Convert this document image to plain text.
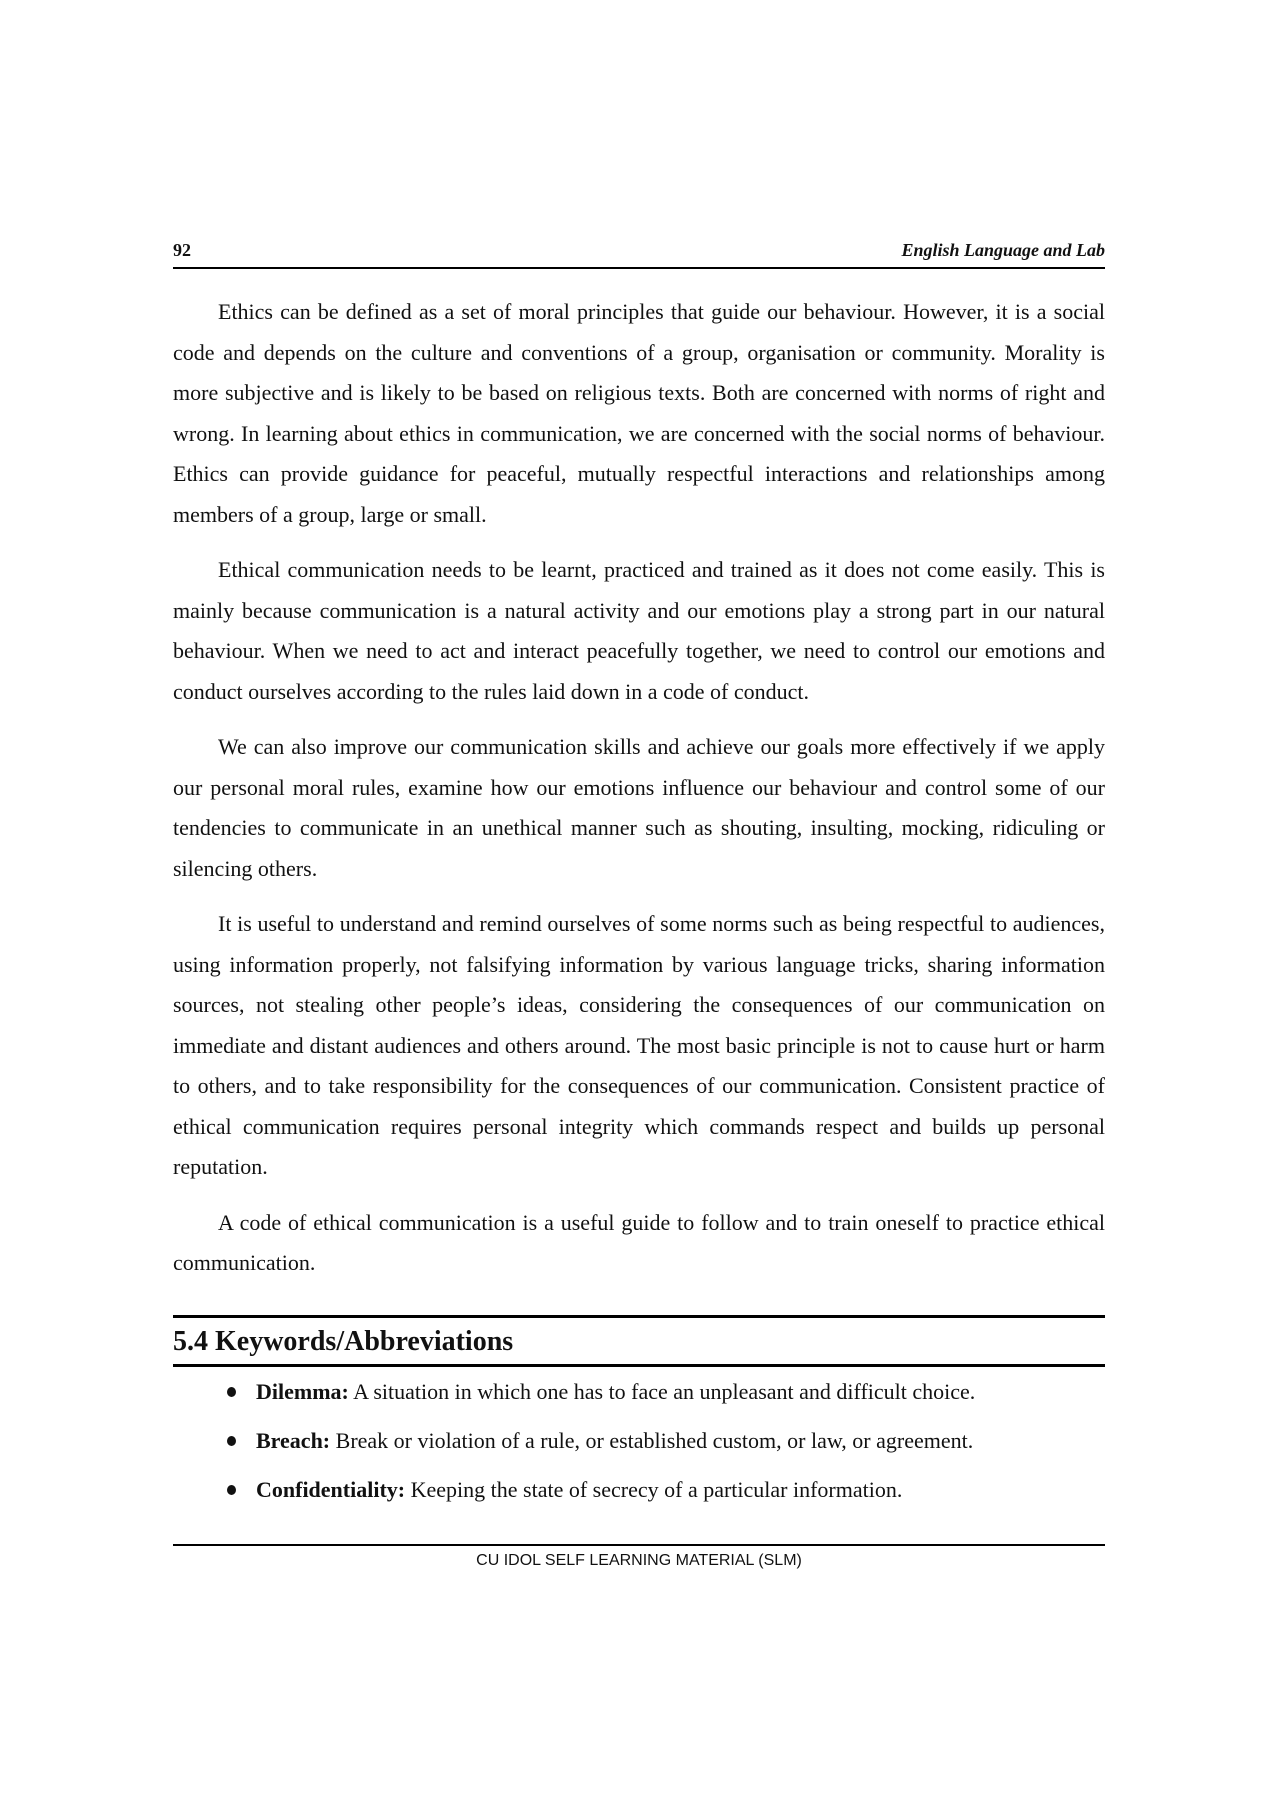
92	English Language and Lab

Ethics can be defined as a set of moral principles that guide our behaviour. However, it is a social code and depends on the culture and conventions of a group, organisation or community. Morality is more subjective and is likely to be based on religious texts. Both are concerned with norms of right and wrong. In learning about ethics in communication, we are concerned with the social norms of behaviour. Ethics can provide guidance for peaceful, mutually respectful interactions and relationships among members of a group, large or small.

Ethical communication needs to be learnt, practiced and trained as it does not come easily. This is mainly because communication is a natural activity and our emotions play a strong part in our natural behaviour. When we need to act and interact peacefully together, we need to control our emotions and conduct ourselves according to the rules laid down in a code of conduct.

We can also improve our communication skills and achieve our goals more effectively if we apply our personal moral rules, examine how our emotions influence our behaviour and control some of our tendencies to communicate in an unethical manner such as shouting, insulting, mocking, ridiculing or silencing others.

It is useful to understand and remind ourselves of some norms such as being respectful to audiences, using information properly, not falsifying information by various language tricks, sharing information sources, not stealing other people’s ideas, considering the consequences of our communication on immediate and distant audiences and others around. The most basic principle is not to cause hurt or harm to others, and to take responsibility for the consequences of our communication. Consistent practice of ethical communication requires personal integrity which commands respect and builds up personal reputation.

A code of ethical communication is a useful guide to follow and to train oneself to practice ethical communication.

5.4 Keywords/Abbreviations
Dilemma: A situation in which one has to face an unpleasant and difficult choice.
Breach: Break or violation of a rule, or established custom, or law, or agreement.
Confidentiality: Keeping the state of secrecy of a particular information.
CU IDOL SELF LEARNING MATERIAL (SLM)
